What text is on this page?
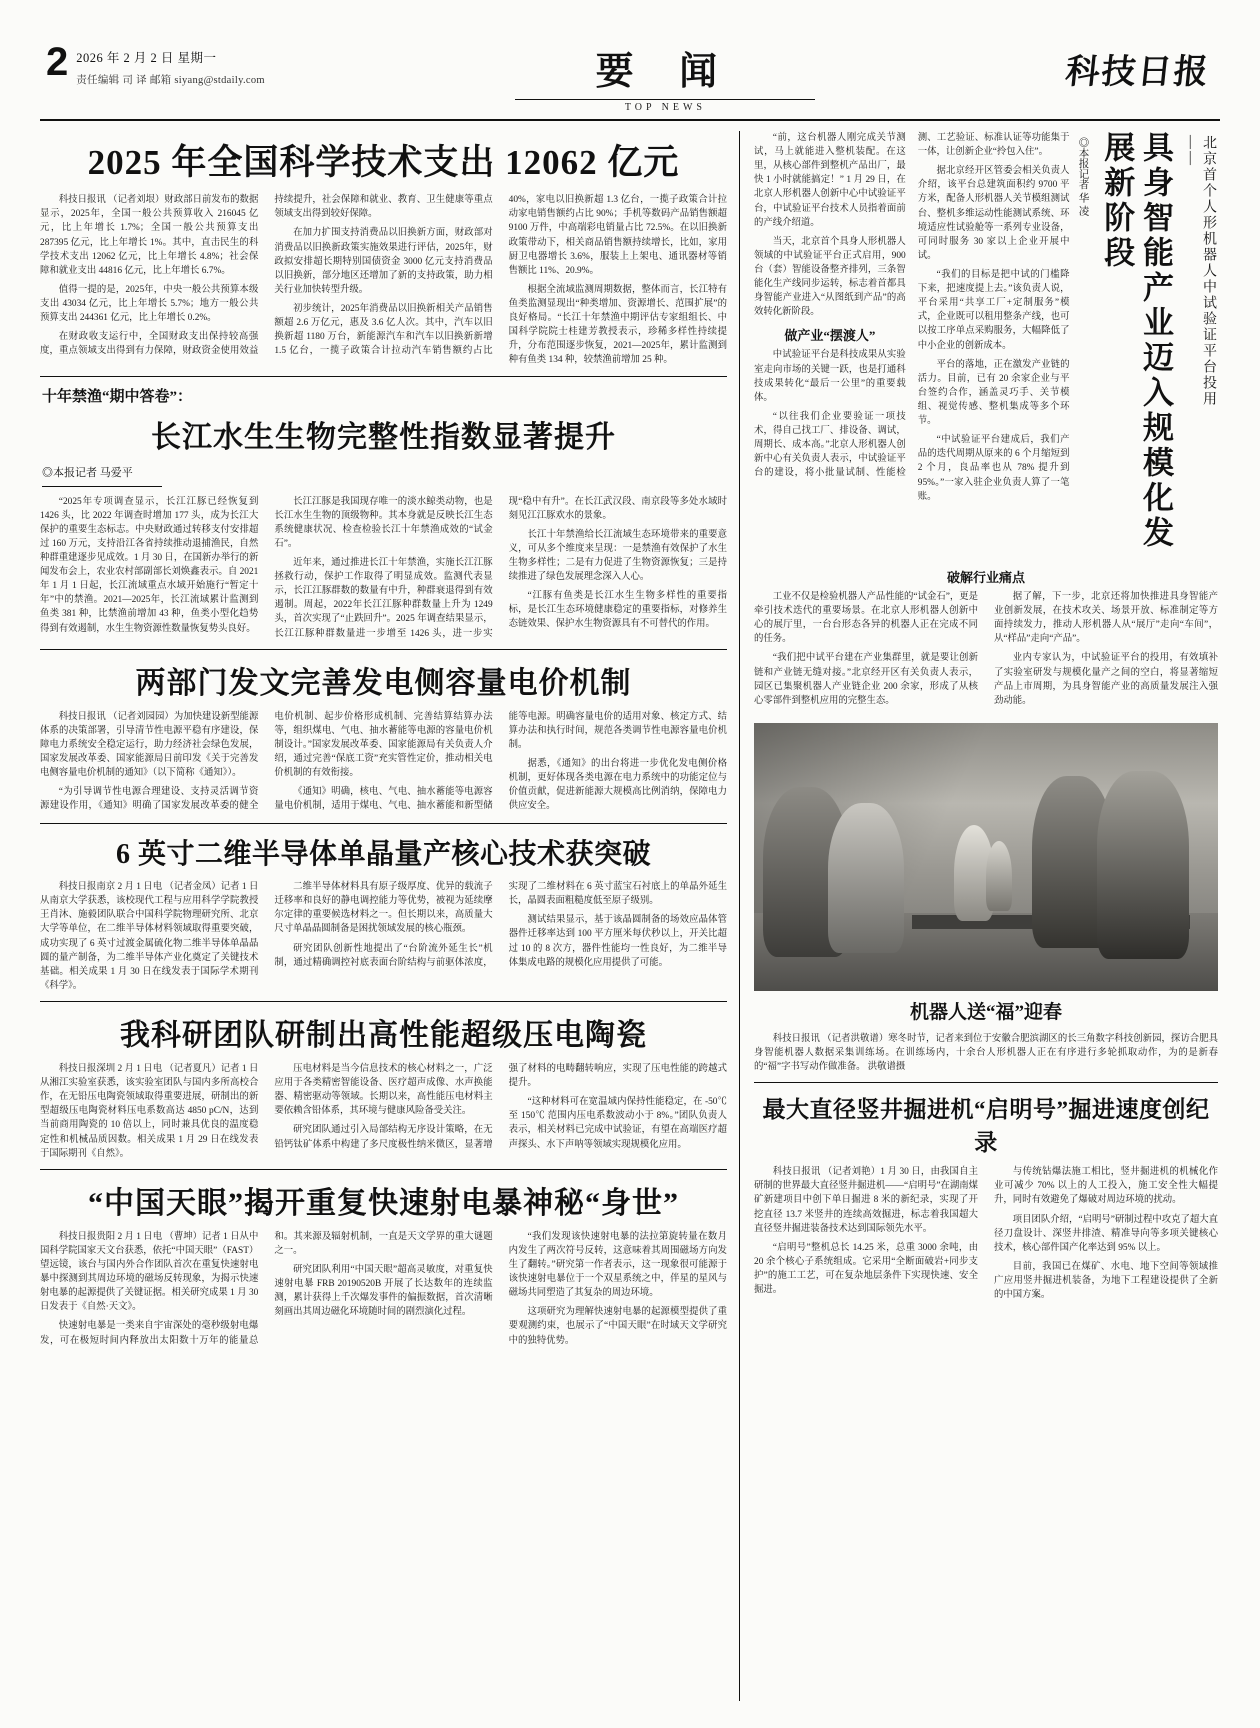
2 2026 年 2 月 2 日 星期一
责任编辑 司 译 邮箱 siyang@stdaily.com	要 闻
TOP NEWS
科技日报
2025 年全国科学技术支出 12062 亿元

科技日报讯 （记者刘垠）财政部日前发布的数据显示，2025年，全国一般公共预算收入 216045 亿元，比上年增长 1.7%；全国一般公共预算支出 287395 亿元，比上年增长 1%。其中，直击民生的科学技术支出 12062 亿元，比上年增长 4.8%；社会保障和就业支出 44816 亿元，比上年增长 6.7%。

值得一提的是，2025年，中央一般公共预算本级支出 43034 亿元，比上年增长 5.7%；地方一般公共预算支出 244361 亿元，比上年增长 0.2%。

在财政收支运行中，全国财政支出保持较高强度，重点领域支出得到有力保障，财政资金使用效益持续提升，社会保障和就业、教育、卫生健康等重点领域支出得到较好保障。

在加力扩围支持消费品以旧换新方面，财政部对消费品以旧换新政策实施效果进行评估，2025年，财政拟安排超长期特别国债资金 3000 亿元支持消费品以旧换新，部分地区还增加了新的支持政策，助力相关行业加快转型升级。

初步统计，2025年消费品以旧换新相关产品销售额超 2.6 万亿元，惠及 3.6 亿人次。其中，汽车以旧换新超 1180 万台，新能源汽车和汽车以旧换新新增 1.5 亿台，一揽子政策合计拉动汽车销售额约占比 40%，家电以旧换新超 1.3 亿台，一揽子政策合计拉动家电销售额约占比 90%；手机等数码产品销售额超 9100 万件，中高端彩电销量占比 72.5%。在以旧换新政策带动下，相关商品销售额持续增长，比如，家用厨卫电器增长 3.6%，服装上上架电、通讯器材等销售额比 11%、20.9%。

根据全流域监测周期数据，整体而言，长江特有鱼类监测显现出“种类增加、资源增长、范围扩展”的良好格局。“长江十年禁渔中期评估专家组组长、中国科学院院士桂建芳教授表示，珍稀多样性持续提升，分布范围逐步恢复，2021—2025年，累计监测到种有鱼类 134 种，较禁渔前增加 25 种。

十年禁渔“期中答卷”：
长江水生生物完整性指数显著提升
◎本报记者 马爱平

“2025年专项调查显示，长江江豚已经恢复到 1426 头，比 2022 年调查时增加 177 头，成为长江大保护的重要生态标志。中央财政通过转移支付安排超过 160 万元，支持沿江各省持续推动退捕渔民，自然种群重建逐步见成效。1 月 30 日，在国新办举行的新闻发布会上，农业农村部副部长刘焕鑫表示。自 2021 年 1 月 1 日起，长江流域重点水域开始施行“暂定十年”中的禁渔。2021—2025年，长江流域累计监测到鱼类 381 种，比禁渔前增加 43 种，鱼类小型化趋势得到有效遏制，水生生物资源性数量恢复势头良好。

长江江豚是我国现存唯一的淡水鲸类动物，也是长江水生生物的顶级物种。其本身就是反映长江生态系统健康状况、检查检验长江十年禁渔成效的“试金石”。

近年来，通过推进长江十年禁渔，实施长江江豚拯救行动，保护工作取得了明显成效。监测代表显示，长江江豚群数的数量有中升，种群衰退得到有效遏制。周起，2022年长江江豚种群数量上升为 1249 头，首次实现了“止跌回升”。2025 年调查结果显示，长江江豚种群数量进一步增至 1426 头，进一步实现“稳中有升”。在长江武汉段、南京段等多处水域时刻见江江豚欢水的景象。

长江十年禁渔给长江流域生态环境带来的重要意义，可从多个维度来呈现：一是禁渔有效保护了水生生物多样性；二是有力促进了生物资源恢复；三是持续推进了绿色发展理念深入人心。

“江豚有鱼类是长江水生生物多样性的重要指标，是长江生态环境健康稳定的重要指标，对修养生态链效果、保护水生物资源具有不可替代的作用。

两部门发文完善发电侧容量电价机制

科技日报讯 （记者刘园园）为加快建设新型能源体系的决策部署，引导清节性电源平稳有序建设，保障电力系统安全稳定运行，助力经济社会绿色发展，国家发展改革委、国家能源局日前印发《关于完善发电侧容量电价机制的通知》（以下简称《通知》）。

“为引导调节性电源合理建设、支持灵活调节资源建设作用，《通知》明确了国家发展改革委的健全电价机制、起步价格形成机制、完善结算结算办法等，组织煤电、气电、抽水蓄能等电源的容量电价机制设计。”国家发展改革委、国家能源局有关负责人介绍，通过完善“保底工资”充实管性定价，推动相关电价机制的有效衔接。

《通知》明确，核电、气电、抽水蓄能等电源容量电价机制，适用于煤电、气电、抽水蓄能和新型储能等电源。明确容量电价的适用对象、核定方式、结算办法和执行时间，规范各类调节性电源容量电价机制。

据悉，《通知》的出台将进一步优化发电侧价格机制，更好体现各类电源在电力系统中的功能定位与价值贡献，促进新能源大规模高比例消纳，保障电力供应安全。

6 英寸二维半导体单晶量产核心技术获突破

科技日报南京 2 月 1 日电 （记者金凤）记者 1 日从南京大学获悉，该校现代工程与应用科学学院教授王肖沐、施毅团队联合中国科学院物理研究所、北京大学等单位，在二维半导体材料领域取得重要突破，成功实现了 6 英寸过渡金属硫化物二维半导体单晶晶圆的量产制备，为二维半导体产业化奠定了关键技术基础。相关成果 1 月 30 日在线发表于国际学术期刊《科学》。

二维半导体材料具有原子级厚度、优异的载流子迁移率和良好的静电调控能力等优势，被视为延续摩尔定律的重要候选材料之一。但长期以来，高质量大尺寸单晶晶圆制备是困扰领域发展的核心瓶颈。

研究团队创新性地提出了“台阶流外延生长”机制，通过精确调控衬底表面台阶结构与前驱体浓度，实现了二维材料在 6 英寸蓝宝石衬底上的单晶外延生长，晶圆表面粗糙度低至原子级别。

测试结果显示，基于该晶圆制备的场效应晶体管器件迁移率达到 100 平方厘米每伏秒以上，开关比超过 10 的 8 次方，器件性能均一性良好，为二维半导体集成电路的规模化应用提供了可能。

我科研团队研制出高性能超级压电陶瓷

科技日报深圳 2 月 1 日电 （记者夏凡）记者 1 日从湘江实验室获悉，该实验室团队与国内多所高校合作，在无铅压电陶瓷领域取得重要进展，研制出的新型超级压电陶瓷材料压电系数高达 4850 pC/N，达到当前商用陶瓷的 10 倍以上，同时兼具优良的温度稳定性和机械品质因数。相关成果 1 月 29 日在线发表于国际期刊《自然》。

压电材料是当今信息技术的核心材料之一，广泛应用于各类精密智能设备、医疗超声成像、水声换能器、精密驱动等领域。长期以来，高性能压电材料主要依赖含铅体系，其环境与健康风险备受关注。

研究团队通过引入局部结构无序设计策略，在无铅钙钛矿体系中构建了多尺度极性纳米微区，显著增强了材料的电畴翻转响应，实现了压电性能的跨越式提升。

“这种材料可在宽温域内保持性能稳定，在 -50℃ 至 150℃ 范围内压电系数波动小于 8%。”团队负责人表示，相关材料已完成中试验证，有望在高端医疗超声探头、水下声呐等领域实现规模化应用。

“中国天眼”揭开重复快速射电暴神秘“身世”

科技日报贵阳 2 月 1 日电 （曹坤）记者 1 日从中国科学院国家天文台获悉，依托“中国天眼”（FAST）望远镜，该台与国内外合作团队首次在重复快速射电暴中探测到其周边环境的磁场反转现象，为揭示快速射电暴的起源提供了关键证据。相关研究成果 1 月 30 日发表于《自然·天文》。

快速射电暴是一类来自宇宙深处的毫秒级射电爆发，可在极短时间内释放出太阳数十万年的能量总和。其来源及辐射机制，一直是天文学界的重大谜题之一。

研究团队利用“中国天眼”超高灵敏度，对重复快速射电暴 FRB 20190520B 开展了长达数年的连续监测，累计获得上千次爆发事件的偏振数据，首次清晰刻画出其周边磁化环境随时间的剧烈演化过程。

“我们发现该快速射电暴的法拉第旋转量在数月内发生了两次符号反转，这意味着其周围磁场方向发生了翻转。”研究第一作者表示，这一现象很可能源于该快速射电暴位于一个双星系统之中，伴星的星风与磁场共同塑造了其复杂的周边环境。

这项研究为理解快速射电暴的起源模型提供了重要观测约束，也展示了“中国天眼”在时域天文学研究中的独特优势。

北京首个人形机器人中试验证平台投用——
具身智能产业迈入规模化发展新阶段
◎本报记者 华 凌

“前，这台机器人刚完成关节测试，马上就能进入整机装配。在这里，从核心部件到整机产品出厂，最快 1 小时就能搞定！” 1 月 29 日，在北京人形机器人创新中心中试验证平台，中试验证平台技术人员指着面前的产线介绍道。

当天，北京首个具身人形机器人领域的中试验证平台正式启用，900 台（套）智能设备整齐排列，三条智能化生产线同步运转，标志着首都具身智能产业进入“从图纸到产品”的高效转化新阶段。

做产业“摆渡人”

中试验证平台是科技成果从实验室走向市场的关键一跃，也是打通科技成果转化“最后一公里”的重要载体。

“以往我们企业要验证一项技术，得自己找工厂、排设备、调试，周期长、成本高。”北京人形机器人创新中心有关负责人表示，中试验证平台的建设，将小批量试制、性能检测、工艺验证、标准认证等功能集于一体，让创新企业“拎包入住”。

据北京经开区管委会相关负责人介绍，该平台总建筑面积约 9700 平方米，配备人形机器人关节模组测试台、整机多维运动性能测试系统、环境适应性试验舱等一系列专业设备，可同时服务 30 家以上企业开展中试。

“我们的目标是把中试的门槛降下来，把速度提上去。”该负责人说，平台采用“共享工厂+定制服务”模式，企业既可以租用整条产线，也可以按工序单点采购服务，大幅降低了中小企业的创新成本。

平台的落地，正在激发产业链的活力。目前，已有 20 余家企业与平台签约合作，涵盖灵巧手、关节模组、视觉传感、整机集成等多个环节。

“中试验证平台建成后，我们产品的迭代周期从原来的 6 个月缩短到 2 个月，良品率也从 78% 提升到 95%。”一家入驻企业负责人算了一笔账。

破解行业痛点

工业不仅是检验机器人产品性能的“试金石”，更是牵引技术迭代的重要场景。在北京人形机器人创新中心的展厅里，一台台形态各异的机器人正在完成不同的任务。

“我们把中试平台建在产业集群里，就是要让创新链和产业链无缝对接。”北京经开区有关负责人表示，园区已集聚机器人产业链企业 200 余家，形成了从核心零部件到整机应用的完整生态。

据了解，下一步，北京还将加快推进具身智能产业创新发展，在技术攻关、场景开放、标准制定等方面持续发力，推动人形机器人从“展厅”走向“车间”，从“样品”走向“产品”。

业内专家认为，中试验证平台的投用，有效填补了实验室研发与规模化量产之间的空白，将显著缩短产品上市周期，为具身智能产业的高质量发展注入强劲动能。

机器人送“福”迎春

科技日报讯 （记者洪敬谱）寒冬时节，记者来到位于安徽合肥滨湖区的长三角数字科技创新园，探访合肥具身智能机器人数据采集训练场。在训练场内，十余台人形机器人正在有序进行多轮抓取动作，为的是新春的“福”字书写动作做准备。 洪敬谱摄

最大直径竖井掘进机“启明号”掘进速度创纪录

科技日报讯 （记者刘艳）1 月 30 日，由我国自主研制的世界最大直径竖井掘进机——“启明号”在湖南煤矿新建项目中创下单日掘进 8 米的新纪录，实现了开挖直径 13.7 米竖井的连续高效掘进，标志着我国超大直径竖井掘进装备技术达到国际领先水平。

“启明号”整机总长 14.25 米，总重 3000 余吨，由 20 余个核心子系统组成。它采用“全断面破岩+同步支护”的施工工艺，可在复杂地层条件下实现快速、安全掘进。

与传统钻爆法施工相比，竖井掘进机的机械化作业可减少 70% 以上的人工投入，施工安全性大幅提升，同时有效避免了爆破对周边环境的扰动。

项目团队介绍，“启明号”研制过程中攻克了超大直径刀盘设计、深竖井排渣、精准导向等多项关键核心技术，核心部件国产化率达到 95% 以上。

目前，我国已在煤矿、水电、地下空间等领域推广应用竖井掘进机装备，为地下工程建设提供了全新的中国方案。
